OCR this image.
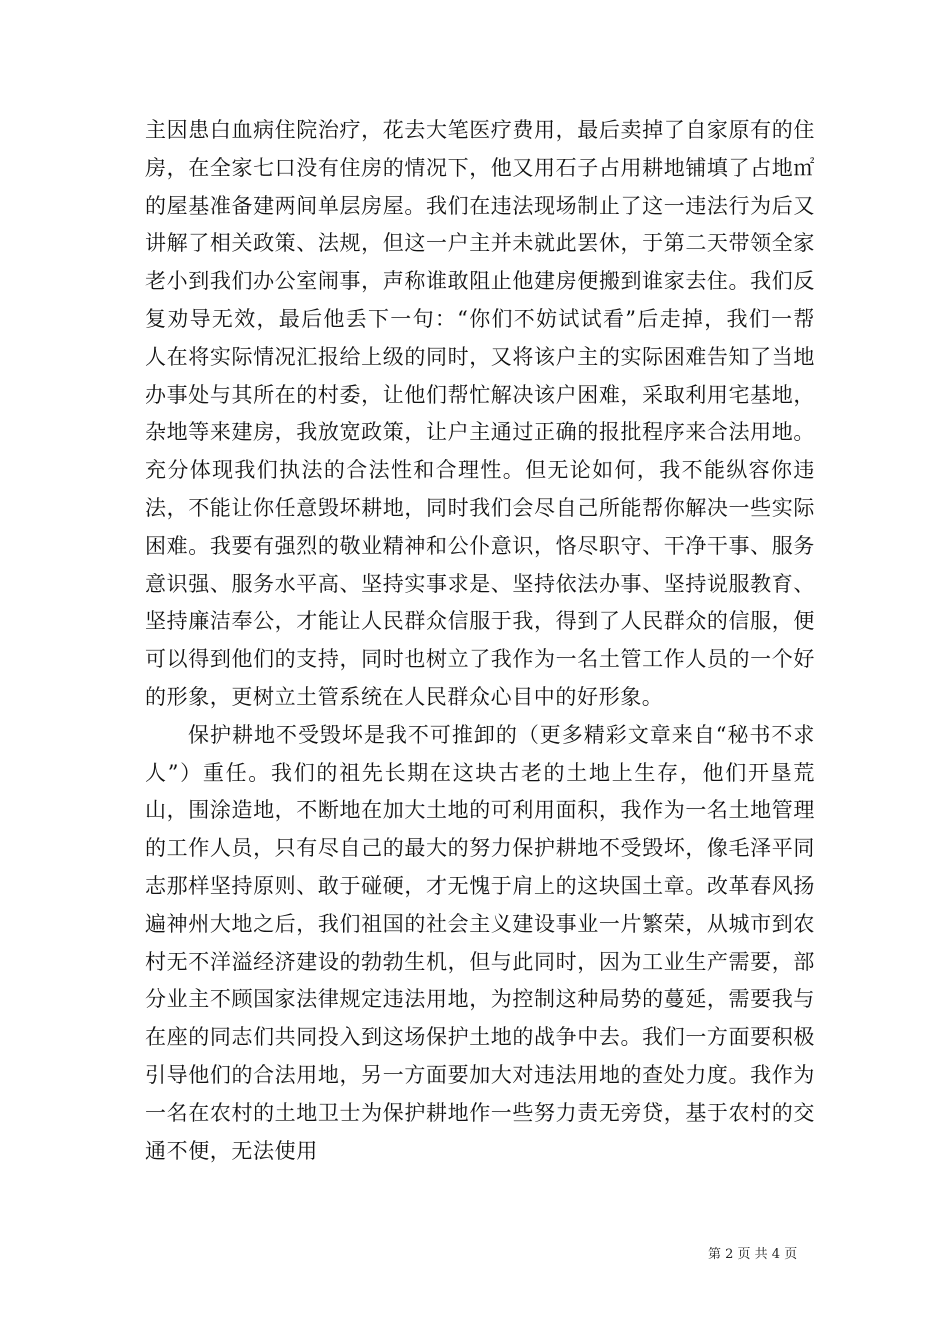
主因患白血病住院治疗，花去大笔医疗费用，最后卖掉了自家原有的住房，在全家七口没有住房的情况下，他又用石子占用耕地铺填了占地㎡的屋基准备建两间单层房屋。我们在违法现场制止了这一违法行为后又讲解了相关政策、法规，但这一户主并未就此罢休，于第二天带领全家老小到我们办公室闹事，声称谁敢阻止他建房便搬到谁家去住。我们反复劝导无效，最后他丢下一句：“你们不妨试试看”后走掉，我们一帮人在将实际情况汇报给上级的同时，又将该户主的实际困难告知了当地办事处与其所在的村委，让他们帮忙解决该户困难，采取利用宅基地，杂地等来建房，我放宽政策，让户主通过正确的报批程序来合法用地。充分体现我们执法的合法性和合理性。但无论如何，我不能纵容你违法，不能让你任意毁坏耕地，同时我们会尽自己所能帮你解决一些实际困难。我要有强烈的敬业精神和公仆意识，恪尽职守、干净干事、服务意识强、服务水平高、坚持实事求是、坚持依法办事、坚持说服教育、坚持廉洁奉公，才能让人民群众信服于我，得到了人民群众的信服，便可以得到他们的支持，同时也树立了我作为一名土管工作人员的一个好的形象，更树立土管系统在人民群众心目中的好形象。

保护耕地不受毁坏是我不可推卸的（更多精彩文章来自“秘书不求人”）重任。我们的祖先长期在这块古老的土地上生存，他们开垦荒山，围涂造地，不断地在加大土地的可利用面积，我作为一名土地管理的工作人员，只有尽自己的最大的努力保护耕地不受毁坏，像毛泽平同志那样坚持原则、敢于碰硬，才无愧于肩上的这块国土章。改革春风扬遍神州大地之后，我们祖国的社会主义建设事业一片繁荣，从城市到农村无不洋溢经济建设的勃勃生机，但与此同时，因为工业生产需要，部分业主不顾国家法律规定违法用地，为控制这种局势的蔓延，需要我与在座的同志们共同投入到这场保护土地的战争中去。我们一方面要积极引导他们的合法用地，另一方面要加大对违法用地的查处力度。我作为一名在农村的土地卫士为保护耕地作一些努力责无旁贷，基于农村的交通不便，无法使用

第 2 页 共 4 页
